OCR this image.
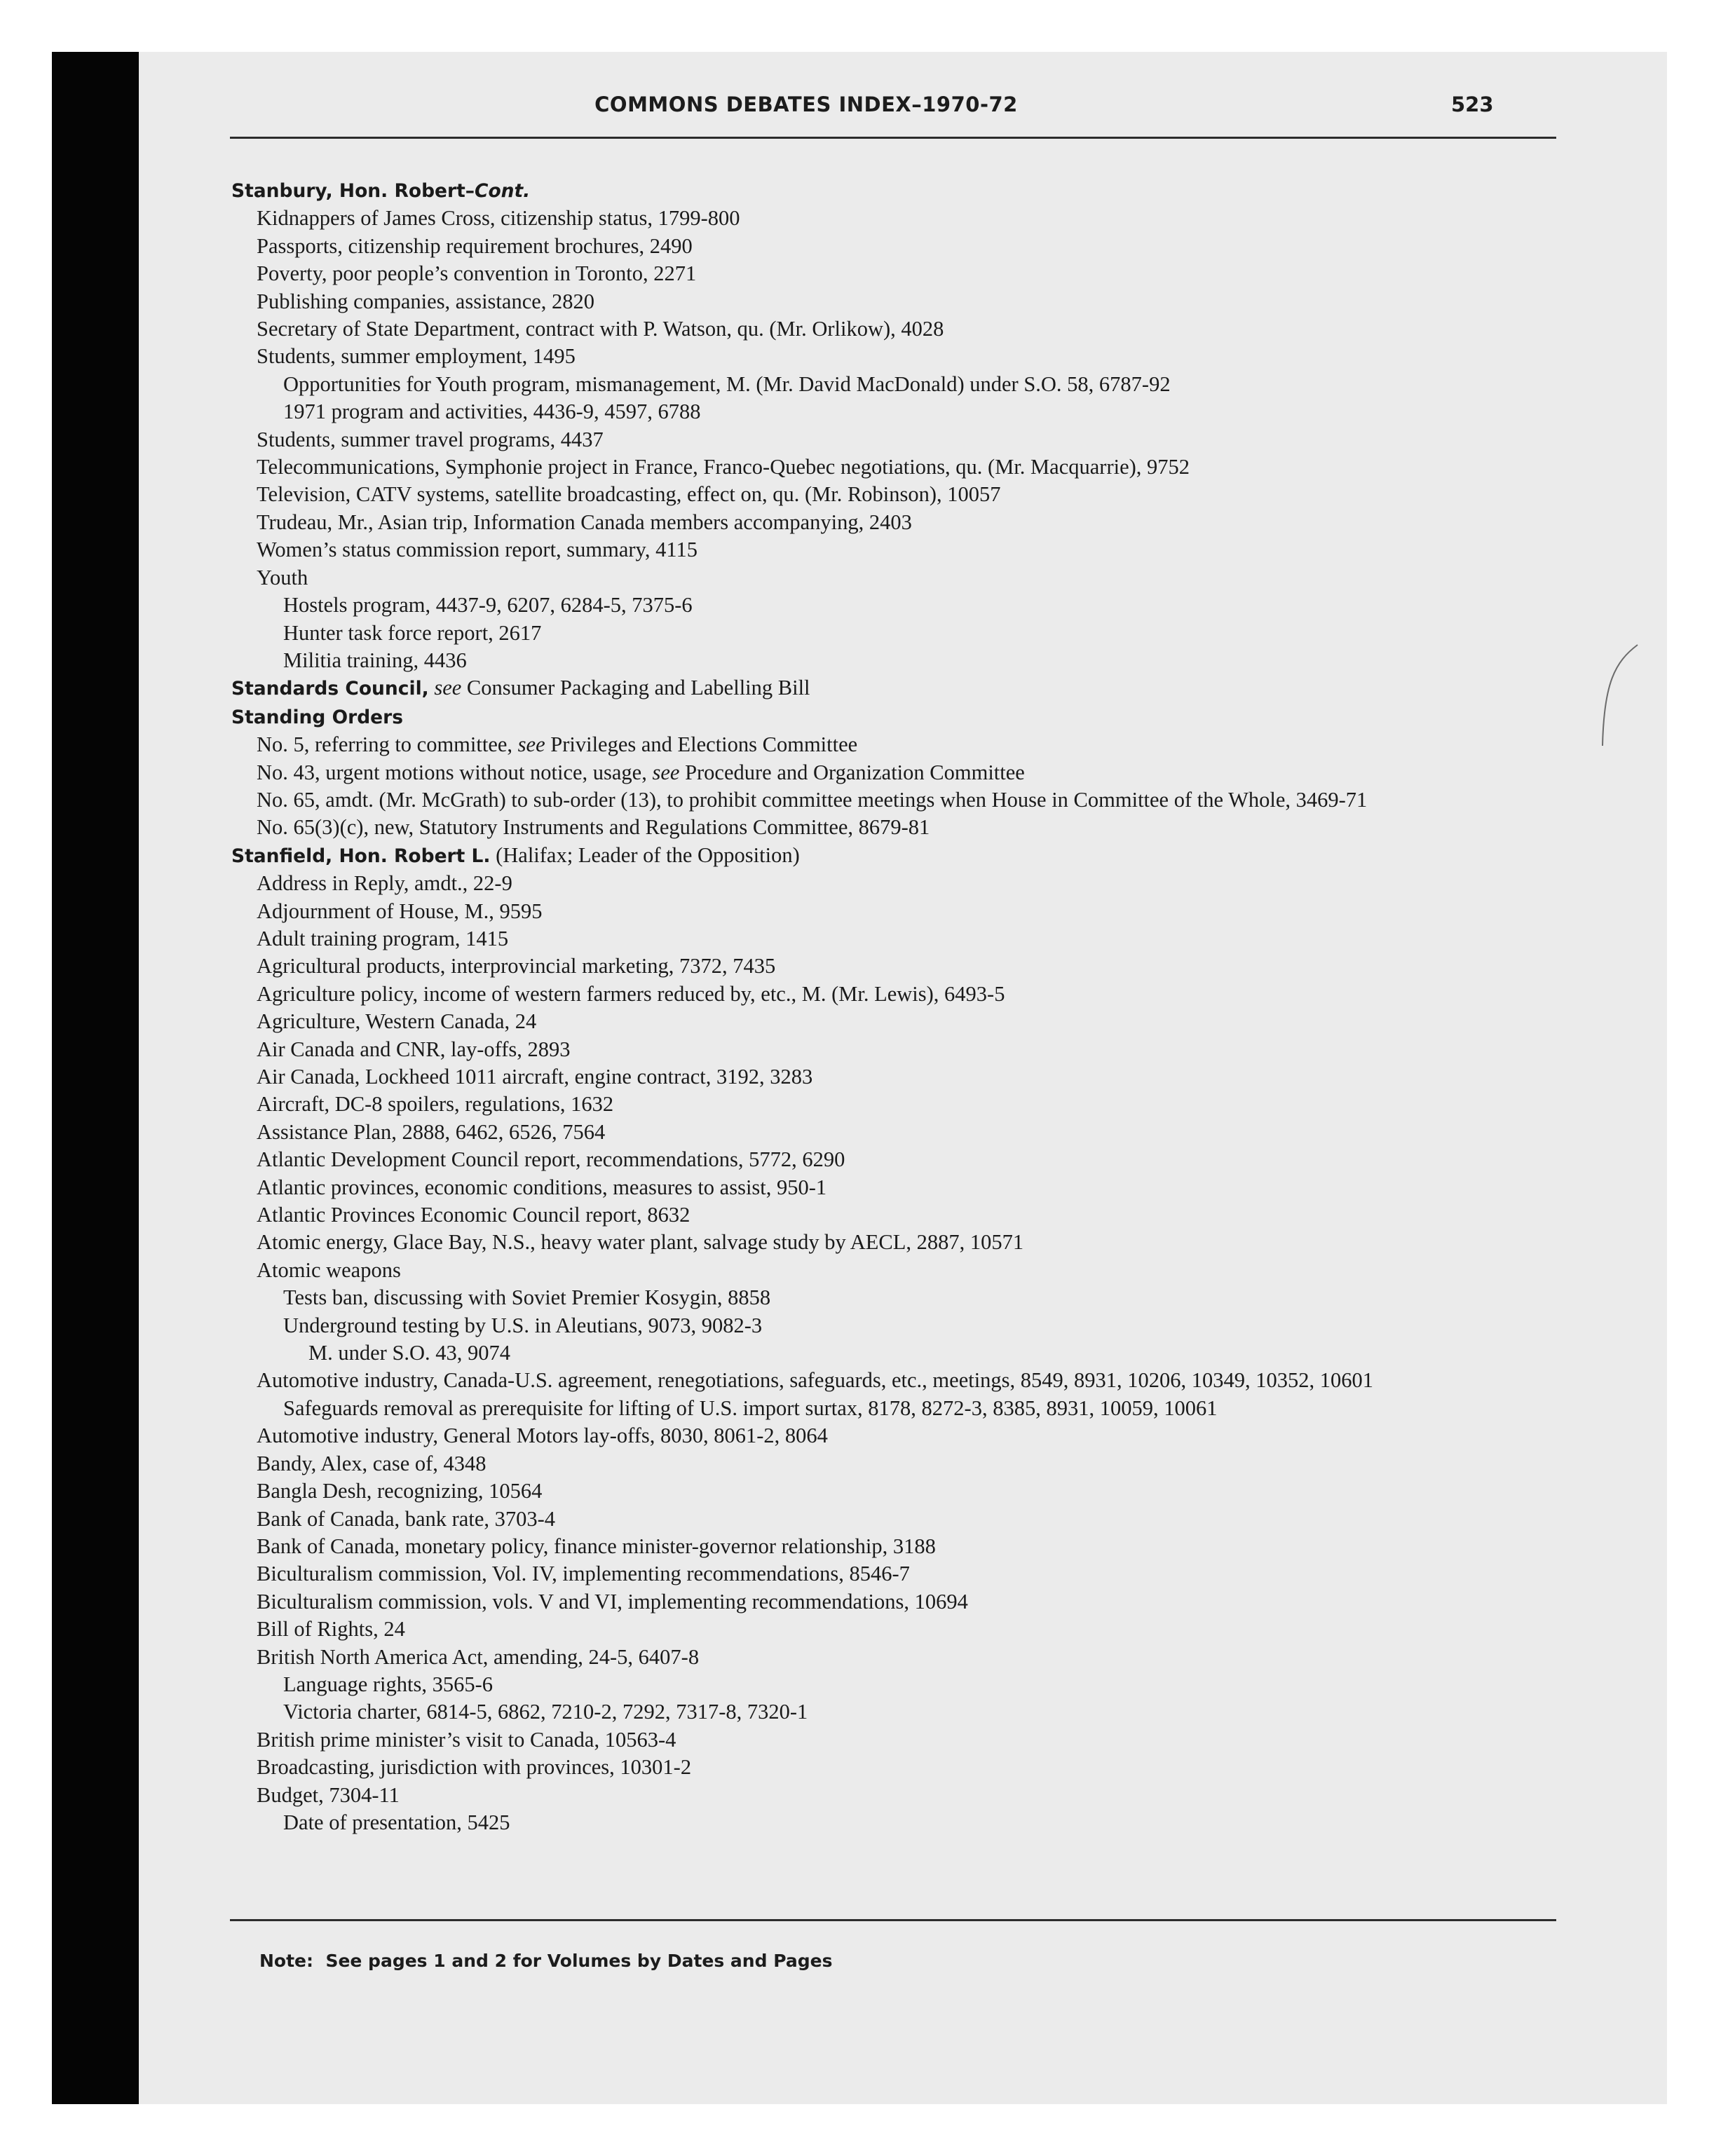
COMMONS DEBATES INDEX–1970-72	523
Stanbury, Hon. Robert–Cont.
Kidnappers of James Cross, citizenship status, 1799-800
Passports, citizenship requirement brochures, 2490
Poverty, poor people’s convention in Toronto, 2271
Publishing companies, assistance, 2820
Secretary of State Department, contract with P. Watson, qu. (Mr. Orlikow), 4028
Students, summer employment, 1495
Opportunities for Youth program, mismanagement, M. (Mr. David MacDonald) under S.O. 58, 6787-92
1971 program and activities, 4436-9, 4597, 6788
Students, summer travel programs, 4437
Telecommunications, Symphonie project in France, Franco-Quebec negotiations, qu. (Mr. Macquarrie), 9752
Television, CATV systems, satellite broadcasting, effect on, qu. (Mr. Robinson), 10057
Trudeau, Mr., Asian trip, Information Canada members accompanying, 2403
Women’s status commission report, summary, 4115
Youth
Hostels program, 4437-9, 6207, 6284-5, 7375-6
Hunter task force report, 2617
Militia training, 4436
Standards Council, see Consumer Packaging and Labelling Bill
Standing Orders
No. 5, referring to committee, see Privileges and Elections Committee
No. 43, urgent motions without notice, usage, see Procedure and Organization Committee
No. 65, amdt. (Mr. McGrath) to sub-order (13), to prohibit committee meetings when House in Committee of the Whole, 3469-71
No. 65(3)(c), new, Statutory Instruments and Regulations Committee, 8679-81
Stanfield, Hon. Robert L. (Halifax; Leader of the Opposition)
Address in Reply, amdt., 22-9
Adjournment of House, M., 9595
Adult training program, 1415
Agricultural products, interprovincial marketing, 7372, 7435
Agriculture policy, income of western farmers reduced by, etc., M. (Mr. Lewis), 6493-5
Agriculture, Western Canada, 24
Air Canada and CNR, lay-offs, 2893
Air Canada, Lockheed 1011 aircraft, engine contract, 3192, 3283
Aircraft, DC-8 spoilers, regulations, 1632
Assistance Plan, 2888, 6462, 6526, 7564
Atlantic Development Council report, recommendations, 5772, 6290
Atlantic provinces, economic conditions, measures to assist, 950-1
Atlantic Provinces Economic Council report, 8632
Atomic energy, Glace Bay, N.S., heavy water plant, salvage study by AECL, 2887, 10571
Atomic weapons
Tests ban, discussing with Soviet Premier Kosygin, 8858
Underground testing by U.S. in Aleutians, 9073, 9082-3
M. under S.O. 43, 9074
Automotive industry, Canada-U.S. agreement, renegotiations, safeguards, etc., meetings, 8549, 8931, 10206, 10349, 10352, 10601
Safeguards removal as prerequisite for lifting of U.S. import surtax, 8178, 8272-3, 8385, 8931, 10059, 10061
Automotive industry, General Motors lay-offs, 8030, 8061-2, 8064
Bandy, Alex, case of, 4348
Bangla Desh, recognizing, 10564
Bank of Canada, bank rate, 3703-4
Bank of Canada, monetary policy, finance minister-governor relationship, 3188
Biculturalism commission, Vol. IV, implementing recommendations, 8546-7
Biculturalism commission, vols. V and VI, implementing recommendations, 10694
Bill of Rights, 24
British North America Act, amending, 24-5, 6407-8
Language rights, 3565-6
Victoria charter, 6814-5, 6862, 7210-2, 7292, 7317-8, 7320-1
British prime minister’s visit to Canada, 10563-4
Broadcasting, jurisdiction with provinces, 10301-2
Budget, 7304-11
Date of presentation, 5425
Note: See pages 1 and 2 for Volumes by Dates and Pages
